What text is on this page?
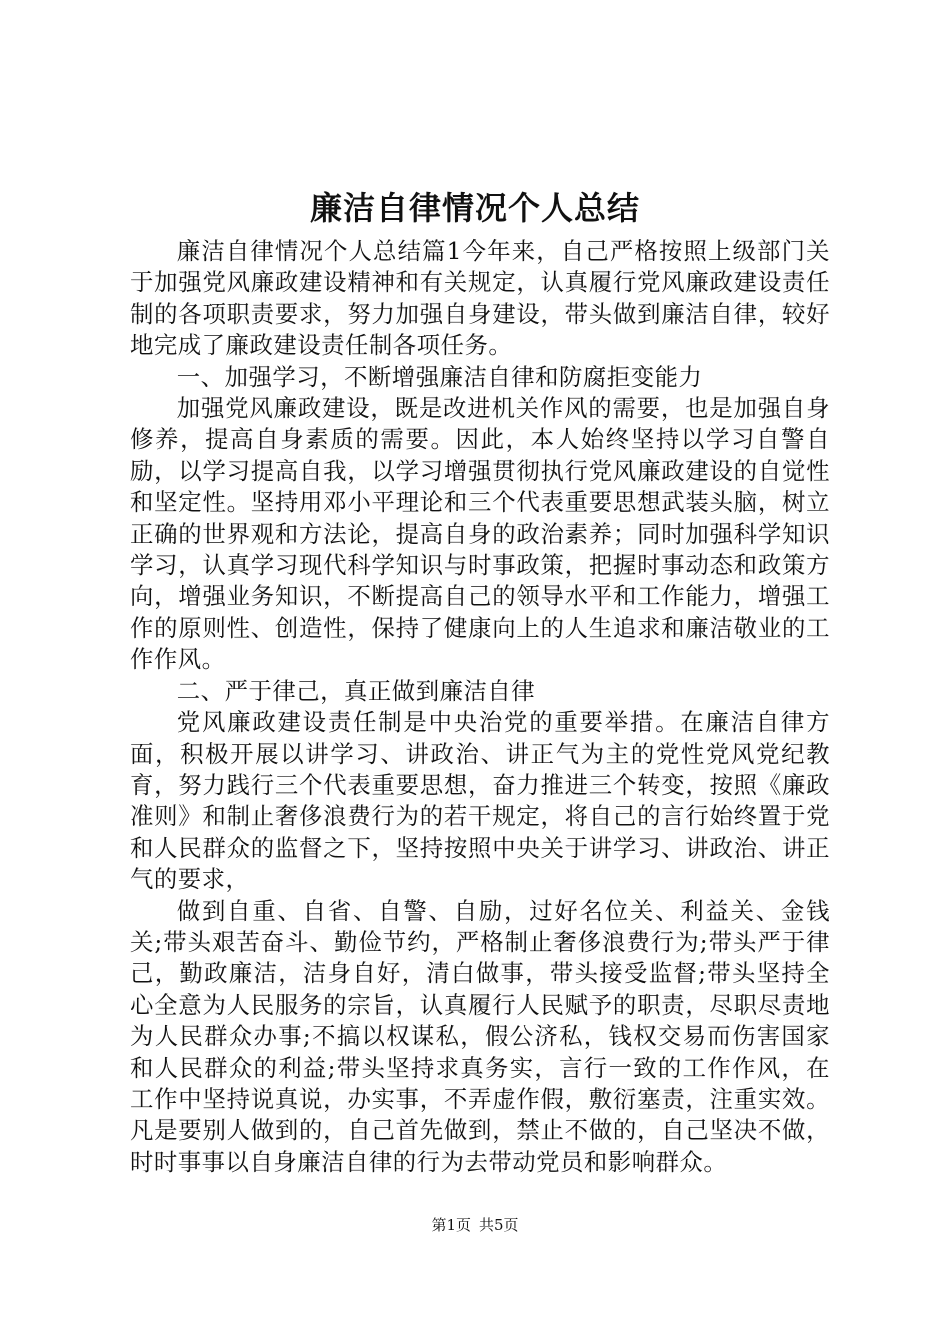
廉洁自律情况个人总结

廉洁自律情况个人总结篇1今年来，自己严格按照上级部门关于加强党风廉政建设精神和有关规定，认真履行党风廉政建设责任制的各项职责要求，努力加强自身建设，带头做到廉洁自律，较好地完成了廉政建设责任制各项任务。

一、加强学习，不断增强廉洁自律和防腐拒变能力

加强党风廉政建设，既是改进机关作风的需要，也是加强自身修养，提高自身素质的需要。因此，本人始终坚持以学习自警自励，以学习提高自我，以学习增强贯彻执行党风廉政建设的自觉性和坚定性。坚持用邓小平理论和三个代表重要思想武装头脑，树立正确的世界观和方法论，提高自身的政治素养；同时加强科学知识学习，认真学习现代科学知识与时事政策，把握时事动态和政策方向，增强业务知识，不断提高自己的领导水平和工作能力，增强工作的原则性、创造性，保持了健康向上的人生追求和廉洁敬业的工作作风。

二、严于律己，真正做到廉洁自律

党风廉政建设责任制是中央治党的重要举措。在廉洁自律方面，积极开展以讲学习、讲政治、讲正气为主的党性党风党纪教育，努力践行三个代表重要思想，奋力推进三个转变，按照《廉政准则》和制止奢侈浪费行为的若干规定，将自己的言行始终置于党和人民群众的监督之下，坚持按照中央关于讲学习、讲政治、讲正气的要求，

做到自重、自省、自警、自励，过好名位关、利益关、金钱关;带头艰苦奋斗、勤俭节约，严格制止奢侈浪费行为;带头严于律己，勤政廉洁，洁身自好，清白做事，带头接受监督;带头坚持全心全意为人民服务的宗旨，认真履行人民赋予的职责，尽职尽责地为人民群众办事;不搞以权谋私，假公济私，钱权交易而伤害国家和人民群众的利益;带头坚持求真务实，言行一致的工作作风，在工作中坚持说真说，办实事，不弄虚作假，敷衍塞责，注重实效。凡是要别人做到的，自己首先做到，禁止不做的，自己坚决不做，时时事事以自身廉洁自律的行为去带动党员和影响群众。

第1页 共5页
